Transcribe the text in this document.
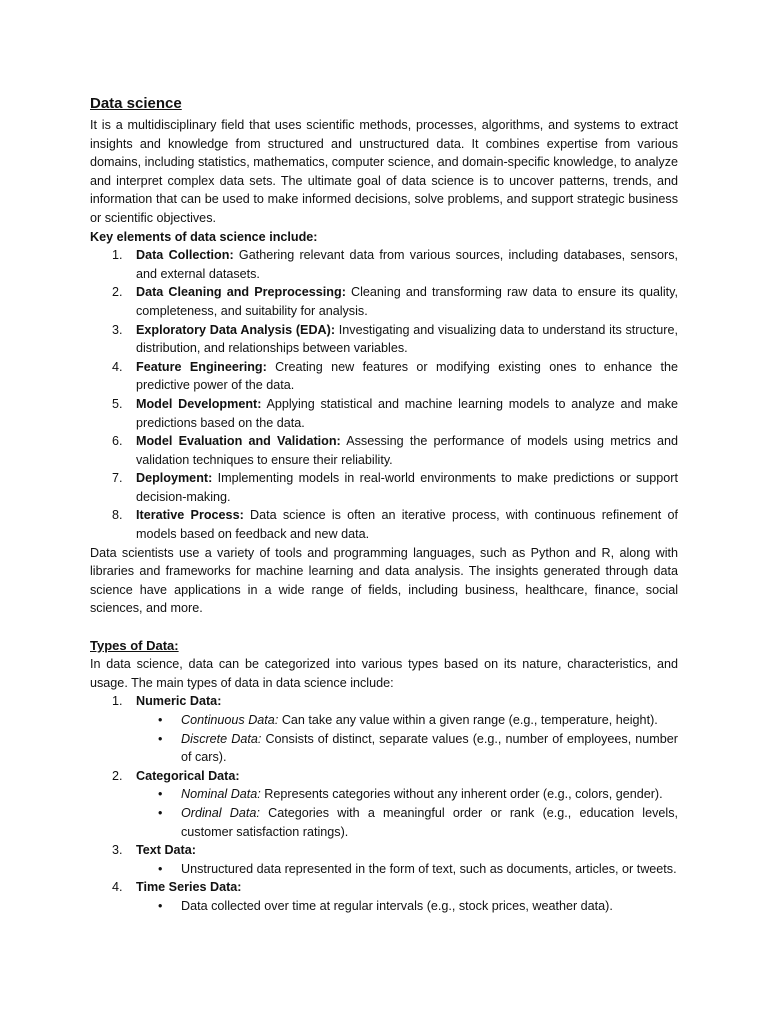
Data science

It is a multidisciplinary field that uses scientific methods, processes, algorithms, and systems to extract insights and knowledge from structured and unstructured data. It combines expertise from various domains, including statistics, mathematics, computer science, and domain-specific knowledge, to analyze and interpret complex data sets. The ultimate goal of data science is to uncover patterns, trends, and information that can be used to make informed decisions, solve problems, and support strategic business or scientific objectives.

Key elements of data science include:

1. Data Collection: Gathering relevant data from various sources, including databases, sensors, and external datasets.
2. Data Cleaning and Preprocessing: Cleaning and transforming raw data to ensure its quality, completeness, and suitability for analysis.
3. Exploratory Data Analysis (EDA): Investigating and visualizing data to understand its structure, distribution, and relationships between variables.
4. Feature Engineering: Creating new features or modifying existing ones to enhance the predictive power of the data.
5. Model Development: Applying statistical and machine learning models to analyze and make predictions based on the data.
6. Model Evaluation and Validation: Assessing the performance of models using metrics and validation techniques to ensure their reliability.
7. Deployment: Implementing models in real-world environments to make predictions or support decision-making.
8. Iterative Process: Data science is often an iterative process, with continuous refinement of models based on feedback and new data.

Data scientists use a variety of tools and programming languages, such as Python and R, along with libraries and frameworks for machine learning and data analysis. The insights generated through data science have applications in a wide range of fields, including business, healthcare, finance, social sciences, and more.

Types of Data:

In data science, data can be categorized into various types based on its nature, characteristics, and usage. The main types of data in data science include:

1. Numeric Data:
• Continuous Data: Can take any value within a given range (e.g., temperature, height).
• Discrete Data: Consists of distinct, separate values (e.g., number of employees, number of cars).
2. Categorical Data:
• Nominal Data: Represents categories without any inherent order (e.g., colors, gender).
• Ordinal Data: Categories with a meaningful order or rank (e.g., education levels, customer satisfaction ratings).
3. Text Data:
• Unstructured data represented in the form of text, such as documents, articles, or tweets.
4. Time Series Data:
• Data collected over time at regular intervals (e.g., stock prices, weather data).
